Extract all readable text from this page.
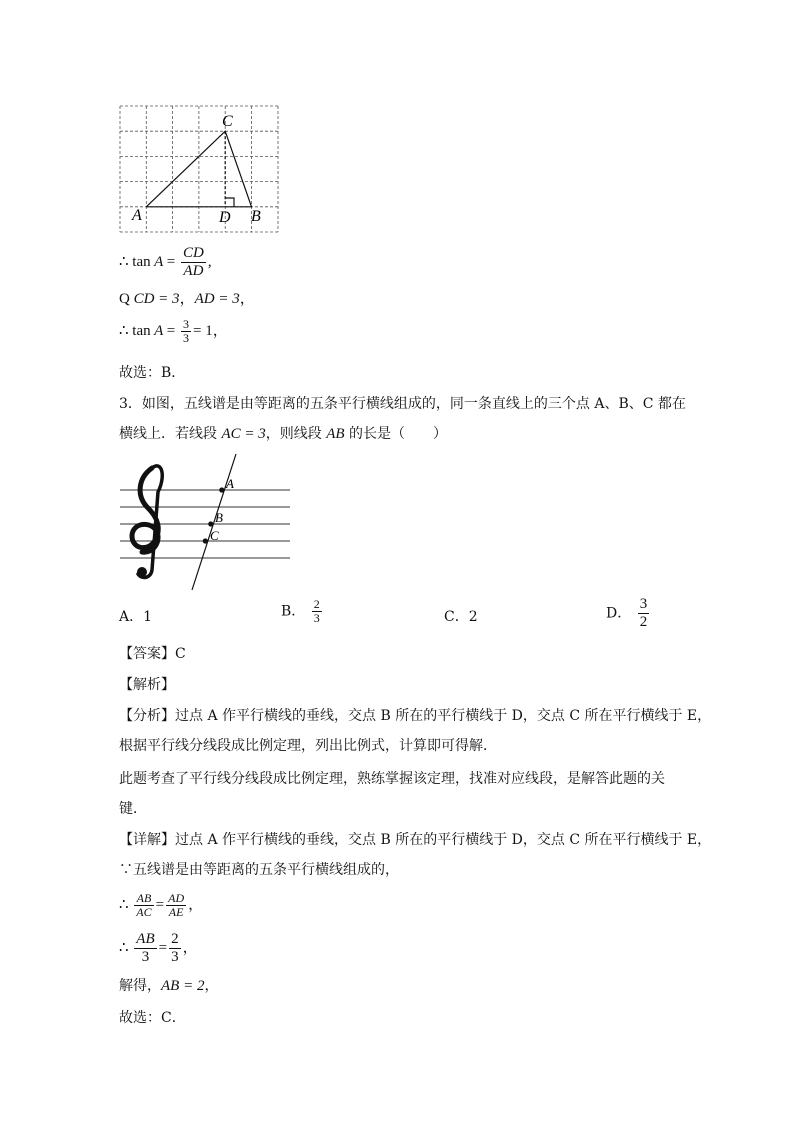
C
A	D B
∴ $\tan A = \frac{CD}{AD}$ ,
Q CD = 3，AD = 3，
∴ $\tan A = \frac{3}{3} = 1$，
故选：B．
3．如图，五线谱是由等距离的五条平行横线组成的，同一条直线上的三个点 A、B、C 都在
横线上．若线段 AC = 3，则线段 AB 的长是（　　）
A
B
C
A．1	B． $\frac{2}{3}$	C．2	D． $\frac{3}{2}$
【答案】C
【解析】
【分析】过点 A 作平行横线的垂线，交点 B 所在的平行横线于 D，交点 C 所在平行横线于 E，
根据平行线分线段成比例定理，列出比例式，计算即可得解．
此题考查了平行线分线段成比例定理，熟练掌握该定理，找准对应线段，是解答此题的关
键．
【详解】过点 A 作平行横线的垂线，交点 B 所在的平行横线于 D，交点 C 所在平行横线于 E，
∵五线谱是由等距离的五条平行横线组成的，
∴ $\frac{AB}{AC} = \frac{AD}{AE}$ ，
∴ $\frac{AB}{3} = \frac{2}{3}$ ，
解得，AB = 2，
故选：C．
